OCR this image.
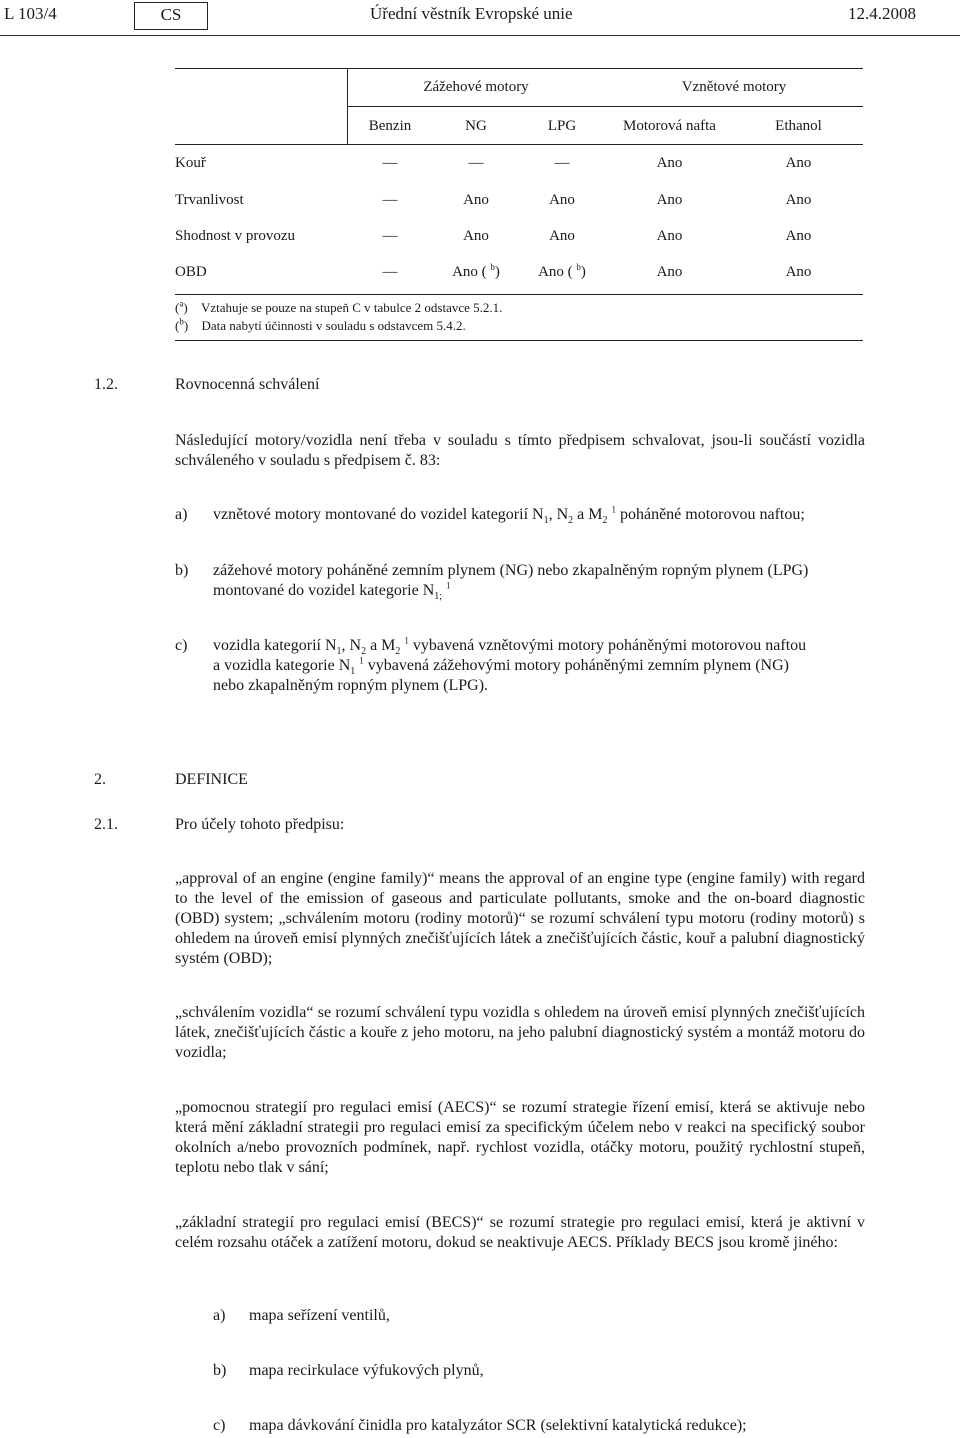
L 103/4	CS	Úřední věstník Evropské unie	12.4.2008
Zážehové motory	Vznětové motory
Benzin	NG	LPG	Motorová nafta	Ethanol
Kouř	—	—	—	Ano	Ano
Trvanlivost	—	Ano	Ano	Ano	Ano
Shodnost v provozu	—	Ano	Ano	Ano	Ano
OBD	—	Ano ( $^b$)	Ano ( $^b$)	Ano	Ano
($^a$) Vztahuje se pouze na stupeň C v tabulce 2 odstavce 5.2.1.
($^b$) Data nabytí účinnosti v souladu s odstavcem 5.4.2.
1.2.	Rovnocenná schválení
Následující motory/vozidla není třeba v souladu s tímto předpisem schvalovat, jsou-li součástí vozidla schváleného v souladu s předpisem č. 83:
a) vznětové motory montované do vozidel kategorií $N_1$, $N_2$ a $M_2$ $^1$ poháněné motorovou naftou;
b) zážehové motory poháněné zemním plynem (NG) nebo zkapalněným ropným plynem (LPG)
montované do vozidel kategorie $N_{1;}$ $^1$
c) vozidla kategorií $N_1$, $N_2$ a $M_2$ $^1$ vybavená vznětovými motory poháněnými motorovou naftou
a vozidla kategorie $N_1$ $^1$ vybavená zážehovými motory poháněnými zemním plynem (NG)
nebo zkapalněným ropným plynem (LPG).
2.	DEFINICE
2.1.	Pro účely tohoto předpisu:
„approval of an engine (engine family)“ means the approval of an engine type (engine family) with regard to the level of the emission of gaseous and particulate pollutants, smoke and the on-board diagnostic (OBD) system; „schválením motoru (rodiny motorů)“ se rozumí schválení typu motoru (rodiny motorů) s ohledem na úroveň emisí plynných znečišťujících látek a znečišťujících částic, kouř a palubní diagnostický systém (OBD);
„schválením vozidla“ se rozumí schválení typu vozidla s ohledem na úroveň emisí plynných znečišťujících látek, znečišťujících částic a kouře z jeho motoru, na jeho palubní diagnostický systém a montáž motoru do vozidla;
„pomocnou strategií pro regulaci emisí (AECS)“ se rozumí strategie řízení emisí, která se aktivuje nebo která mění základní strategii pro regulaci emisí za specifickým účelem nebo v reakci na specifický soubor okolních a/nebo provozních podmínek, např. rychlost vozidla, otáčky motoru, použitý rychlostní stupeň, teplotu nebo tlak v sání;
„základní strategií pro regulaci emisí (BECS)“ se rozumí strategie pro regulaci emisí, která je aktivní v celém rozsahu otáček a zatížení motoru, dokud se neaktivuje AECS. Příklady BECS jsou kromě jiného:
a) mapa seřízení ventilů,
b) mapa recirkulace výfukových plynů,
c) mapa dávkování činidla pro katalyzátor SCR (selektivní katalytická redukce);
